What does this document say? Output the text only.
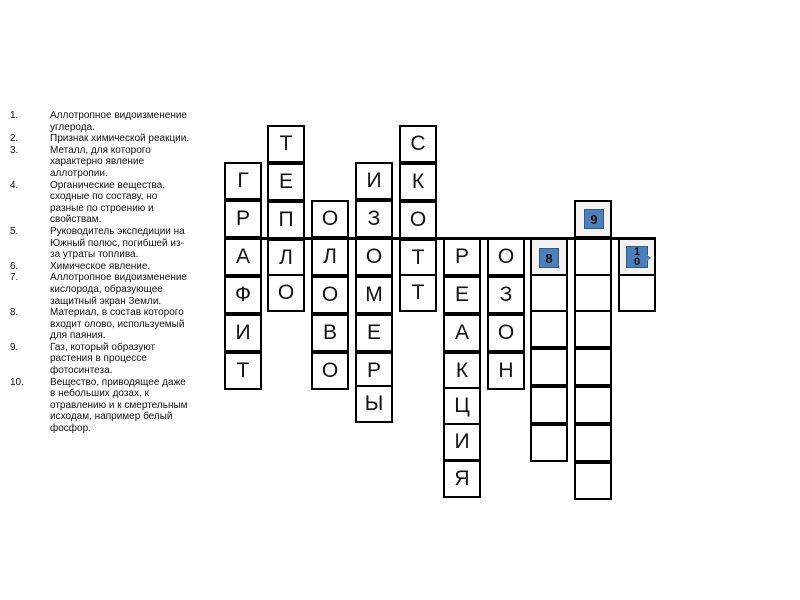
1.	Аллотропное видоизменение углерода.
2.	Признак химической реакции.
3.	Металл, для которого характерно явление аллотропии.
4.	Органические вещества, сходные по составу, но разные по строению и свойствам.
5.	Руководитель экспедиции на Южный полюс, погибшей из-за утраты топлива.
6.	Химическое явление.
7.	Аллотропное видоизменение кислорода, образующее защитный экран Земли.
8.	Материал, в состав которого входит олово, используемый для паяния.
9.	Газ, который образуют растения в процессе фотосинтеза.
10.	Вещество, приводящее даже в небольших дозах, к отравлению и к смертельным исходам, например белый фосфор.
Г
Р
А
Ф
И
Т
Т
Е
П
Л
О
О
Л
О
В
О
И
З
О
М
Е
Р
Ы
С
К
О
Т
Т
Р
Е
А
К
Ц
И
Я
О
З
О
Н
8
9
1
0
